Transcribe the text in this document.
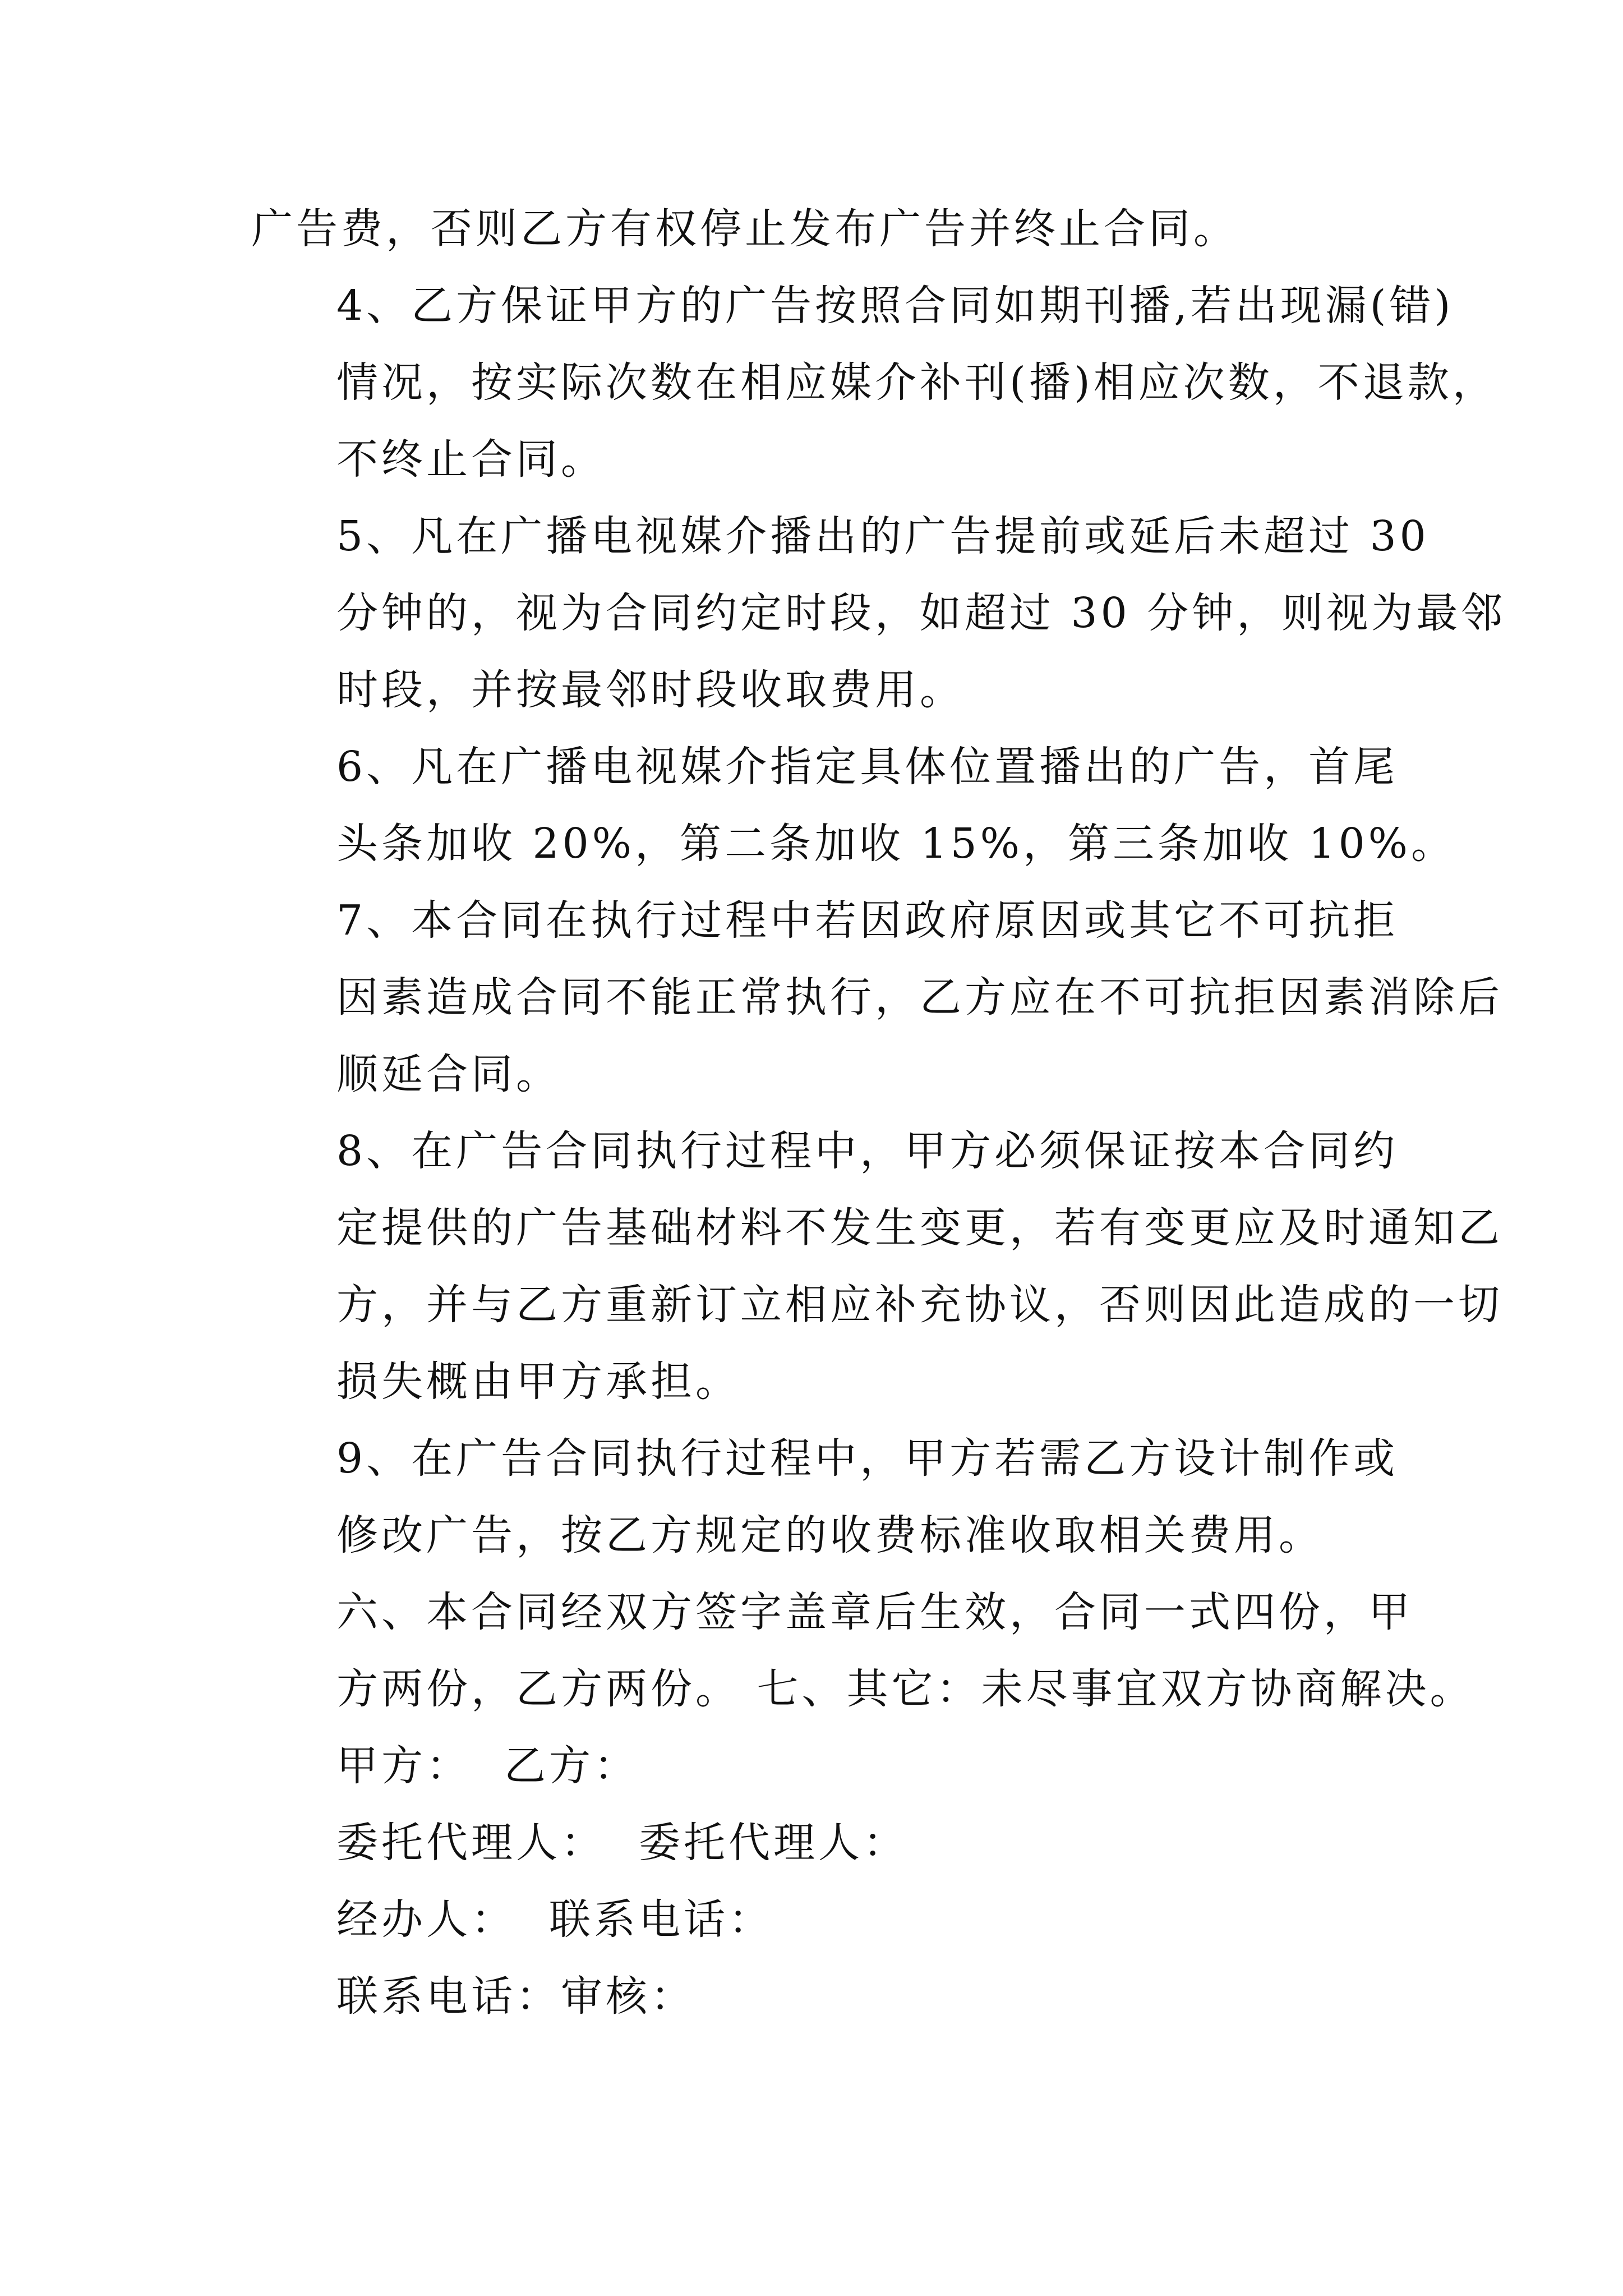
广告费，否则乙方有权停止发布广告并终止合同。

4、乙方保证甲方的广告按照合同如期刊播,若出现漏(错)
情况，按实际次数在相应媒介补刊(播)相应次数，不退款，
不终止合同。

5、凡在广播电视媒介播出的广告提前或延后未超过 30
分钟的，视为合同约定时段，如超过 30 分钟，则视为最邻
时段，并按最邻时段收取费用。

6、凡在广播电视媒介指定具体位置播出的广告，首尾
头条加收 20%，第二条加收 15%，第三条加收 10%。

7、本合同在执行过程中若因政府原因或其它不可抗拒
因素造成合同不能正常执行，乙方应在不可抗拒因素消除后
顺延合同。

8、在广告合同执行过程中，甲方必须保证按本合同约
定提供的广告基础材料不发生变更，若有变更应及时通知乙
方，并与乙方重新订立相应补充协议，否则因此造成的一切
损失概由甲方承担。

9、在广告合同执行过程中，甲方若需乙方设计制作或
修改广告，按乙方规定的收费标准收取相关费用。

六、本合同经双方签字盖章后生效，合同一式四份，甲
方两份，乙方两份。 七、其它：未尽事宜双方协商解决。

甲方：  乙方：

委托代理人：  委托代理人：

经办人：  联系电话：

联系电话：审核：
